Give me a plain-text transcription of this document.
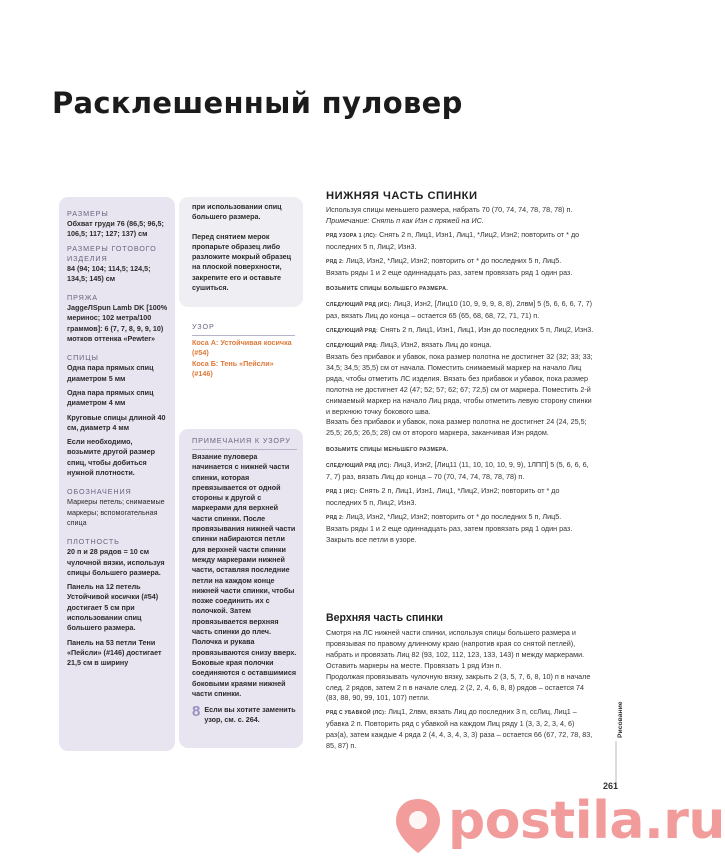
Расклешенный пуловер

РАЗМЕРЫ

Обхват груди 76 (86,5; 96,5; 106,5; 117; 127; 137) см

РАЗМЕРЫ ГОТОВОГО ИЗДЕЛИЯ

84 (94; 104; 114,5; 124,5; 134,5; 145) см

ПРЯЖА

JaggeЛSpun Lamb DK [100% меринос; 102 метра/100 граммов]: 6 (7, 7, 8, 9, 9, 10) мотков оттенка «Pewter»

СПИЦЫ

Одна пара прямых спиц диаметром 5 мм

Одна пара прямых спиц диаметром 4 мм

Круговые спицы длиной 40 см, диаметр 4 мм

Если необходимо, возьмите другой размер спиц, чтобы добиться нужной плотности.

ОБОЗНАЧЕНИЯ

Маркеры петель; снимаемые маркеры; вспомогательная спица

ПЛОТНОСТЬ

20 п и 28 рядов = 10 см чулочной вязки, используя спицы большего размера.

Панель на 12 петель Устойчивой косички (#54) достигает 5 см при использовании спиц большего размера.

Панель на 53 петли Тени «Пейсли» (#146) достигает 21,5 см в ширину

при использовании спиц большего размера.

Перед снятием мерок пропарьте образец либо разложите мокрый образец на плоской поверхности, закрепите его и оставьте сушиться.

УЗОР

Коса А: Устойчивая косичка (#54)

Коса Б: Тень «Пейсли» (#146)

ПРИМЕЧАНИЯ К УЗОРУ

Вязание пуловера начинается с нижней части спинки, которая превязывается от одной стороны к другой с маркерами для верхней части спинки. После провязывания нижней части спинки набираются петли для верхней части спинки между маркерами нижней части, оставляя последние петли на каждом конце нижней части спинки, чтобы позже соединить их с полочкой. Затем провязывается верхняя часть спинки до плеч. Полочка и рукава провязываются снизу вверх. Боковые края полочки соединяются с оставшимися боковыми краями нижней части спинки.

8 Если вы хотите заменить узор, см. с. 264.

НИЖНЯЯ ЧАСТЬ СПИНКИ

Используя спицы меньшего размера, набрать 70 (70, 74, 74, 78, 78, 78) п.

Примечание: Снять п как Изн с пряжей на ИС.

РЯД УЗОРА 1 (ЛС): Снять 2 п, Лиц1, Изн1, Лиц1, *Лиц2, Изн2; повторить от * до последних 5 п, Лиц2, Изн3.

РЯД 2: Лиц3, Изн2, *Лиц2, Изн2; повторить от * до последних 5 п, Лиц5.

Вязать ряды 1 и 2 еще одиннадцать раз, затем провязать ряд 1 один раз.

ВОЗЬМИТЕ СПИЦЫ БОЛЬШЕГО РАЗМЕРА.

СЛЕДУЮЩИЙ РЯД (ИС): Лиц3, Изн2, [Лиц10 (10, 9, 9, 9, 8, 8), 2лвм] 5 (5, 6, 6, 6, 7, 7) раз, вязать Лиц до конца – остается 65 (65, 68, 68, 72, 71, 71) п.

СЛЕДУЮЩИЙ РЯД: Снять 2 п, Лиц1, Изн1, Лиц1, Изн до последних 5 п, Лиц2, Изн3.

СЛЕДУЮЩИЙ РЯД: Лиц3, Изн2, вязать Лиц до конца.

Вязать без прибавок и убавок, пока размер полотна не достигнет 32 (32; 33; 33; 34,5; 34,5; 35,5) см от начала. Поместить снимаемый маркер на начало Лиц ряда, чтобы отметить ЛС изделия. Вязать без прибавок и убавок, пока размер полотна не достигнет 42 (47; 52; 57; 62; 67; 72,5) см от маркера. Поместить 2-й снимаемый маркер на начало Лиц ряда, чтобы отметить левую сторону спинки и верхнюю точку бокового шва.

Вязать без прибавок и убавок, пока размер полотна не достигнет 24 (24, 25,5; 25,5; 26,5; 26,5; 28) см от второго маркера, заканчивая Изн рядом.

ВОЗЬМИТЕ СПИЦЫ МЕНЬШЕГО РАЗМЕРА.

СЛЕДУЮЩИЙ РЯД (ЛС): Лиц3, Изн2, [Лиц11 (11, 10, 10, 10, 9, 9), 1ЛПП] 5 (5, 6, 6, 6, 7, 7) раз, вязать Лиц до конца – 70 (70, 74, 74, 78, 78, 78) п.

РЯД 1 (ИС): Снять 2 п, Лиц1, Изн1, Лиц1, *Лиц2, Изн2; повторить от * до последних 5 п, Лиц2, Изн3.

РЯД 2: Лиц3, Изн2, *Лиц2, Изн2; повторить от * до последних 5 п, Лиц5.

Вязать ряды 1 и 2 еще одиннадцать раз, затем провязать ряд 1 один раз. Закрыть все петли в узоре.

Верхняя часть спинки

Смотря на ЛС нижней части спинки, используя спицы большего размера и провязывая по правому длинному краю (напротив края со снятой петлей), набрать и провязать Лиц 82 (93, 102, 112, 123, 133, 143) п между маркерами. Оставить маркеры на месте. Провязать 1 ряд Изн п.

Продолжая провязывать чулочную вязку, закрыть 2 (3, 5, 7, 6, 8, 10) п в начале след. 2 рядов, затем 2 п в начале след. 2 (2, 2, 4, 6, 8, 8) рядов – остается 74 (83, 88, 90, 99, 101, 107) петли.

РЯД С УБАВКОЙ (ЛС): Лиц1, 2лвм, вязать Лиц до последних 3 п, ссЛиц, Лиц1 – убавка 2 п. Повторить ряд с убавкой на каждом Лиц ряду 1 (3, 3, 2, 3, 4, 6) раз(а), затем каждые 4 ряда 2 (4, 4, 3, 4, 3, 3) раза – остается 66 (67, 72, 78, 83, 85, 87) п.

Рисование
261
postila.ru
